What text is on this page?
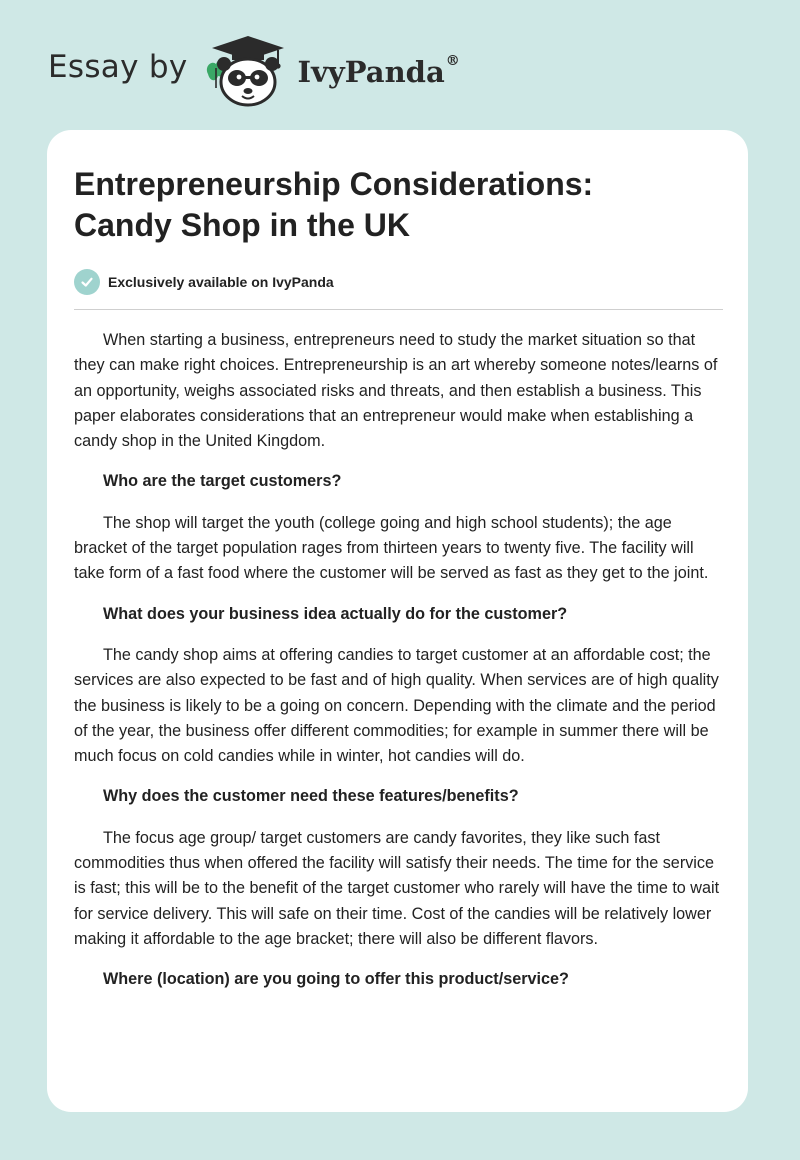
Essay by	IvyPanda®
Entrepreneurship Considerations: Candy Shop in the UK
Exclusively available on IvyPanda

When starting a business, entrepreneurs need to study the market situation so that they can make right choices. Entrepreneurship is an art whereby someone notes/learns of an opportunity, weighs associated risks and threats, and then establish a business. This paper elaborates considerations that an entrepreneur would make when establishing a candy shop in the United Kingdom.

Who are the target customers?

The shop will target the youth (college going and high school students); the age bracket of the target population rages from thirteen years to twenty five. The facility will take form of a fast food where the customer will be served as fast as they get to the joint.

What does your business idea actually do for the customer?

The candy shop aims at offering candies to target customer at an affordable cost; the services are also expected to be fast and of high quality. When services are of high quality the business is likely to be a going on concern. Depending with the climate and the period of the year, the business offer different commodities; for example in summer there will be much focus on cold candies while in winter, hot candies will do.

Why does the customer need these features/benefits?

The focus age group/ target customers are candy favorites, they like such fast commodities thus when offered the facility will satisfy their needs. The time for the service is fast; this will be to the benefit of the target customer who rarely will have the time to wait for service delivery. This will safe on their time. Cost of the candies will be relatively lower making it affordable to the age bracket; there will also be different flavors.

Where (location) are you going to offer this product/service?
